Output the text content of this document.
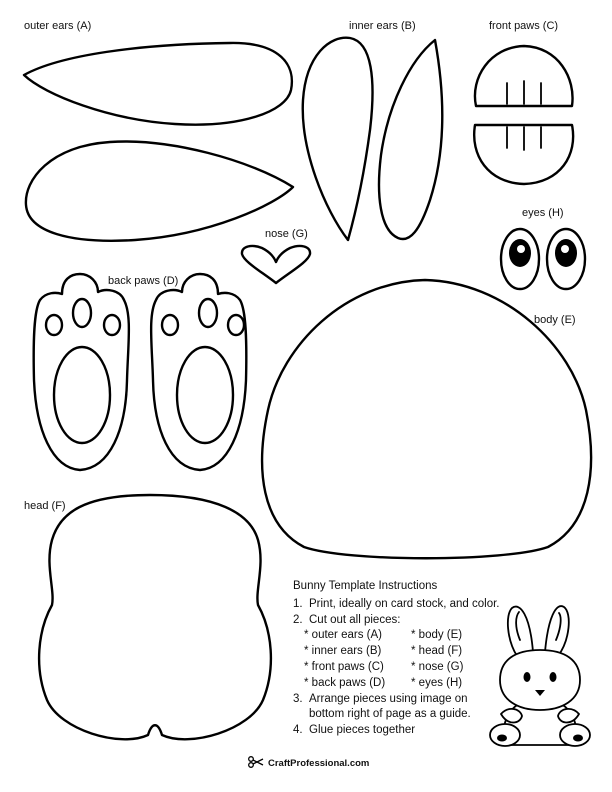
outer ears (A)	inner ears (B)	front paws (C)
eyes (H)
nose (G)
back paws (D)
body (E)
head (F)
Bunny Template Instructions
1. Print, ideally on card stock, and color.
2. Cut out all pieces:
* outer ears (A)	* body (E)
* inner ears (B)	* head (F)
* front paws (C)	* nose (G)
* back paws (D)	* eyes (H)
3. Arrange pieces using image on bottom right of page as a guide.
4. Glue pieces together
CraftProfessional.com
